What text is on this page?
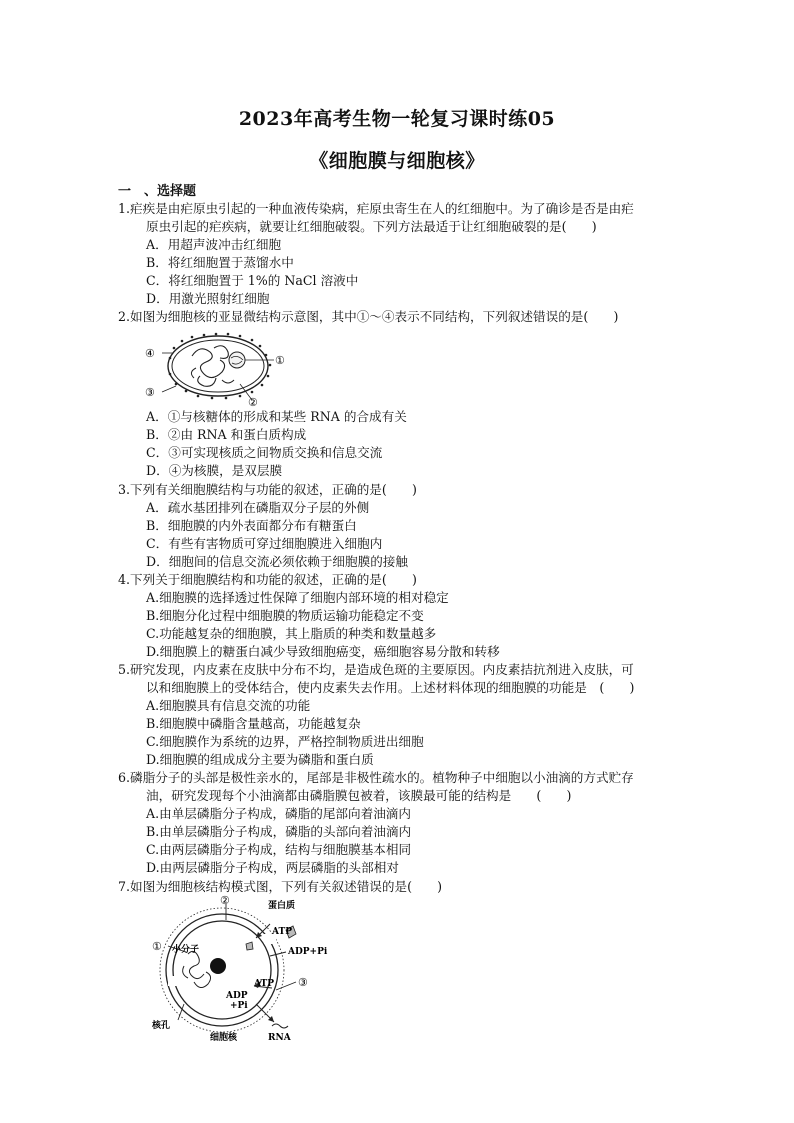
2023年高考生物一轮复习课时练05
《细胞膜与细胞核》
一　、选择题
1.疟疾是由疟原虫引起的一种血液传染病，疟原虫寄生在人的红细胞中。为了确诊是否是由疟
原虫引起的疟疾病，就要让红细胞破裂。下列方法最适于让红细胞破裂的是(　　)
A．用超声波冲击红细胞
B．将红细胞置于蒸馏水中
C．将红细胞置于 1%的 NaCl 溶液中
D．用激光照射红细胞
2.如图为细胞核的亚显微结构示意图，其中①～④表示不同结构，下列叙述错误的是(　　)
④
①
③
②
A．①与核糖体的形成和某些 RNA 的合成有关
B．②由 RNA 和蛋白质构成
C．③可实现核质之间物质交换和信息交流
D．④为核膜，是双层膜
3.下列有关细胞膜结构与功能的叙述，正确的是(　　)
A．疏水基团排列在磷脂双分子层的外侧
B．细胞膜的内外表面都分布有糖蛋白
C．有些有害物质可穿过细胞膜进入细胞内
D．细胞间的信息交流必须依赖于细胞膜的接触
4.下列关于细胞膜结构和功能的叙述，正确的是(　　)
A.细胞膜的选择透过性保障了细胞内部环境的相对稳定
B.细胞分化过程中细胞膜的物质运输功能稳定不变
C.功能越复杂的细胞膜，其上脂质的种类和数量越多
D.细胞膜上的糖蛋白减少导致细胞癌变，癌细胞容易分散和转移
5.研究发现，内皮素在皮肤中分布不均，是造成色斑的主要原因。内皮素拮抗剂进入皮肤，可
以和细胞膜上的受体结合，使内皮素失去作用。上述材料体现的细胞膜的功能是　(　　)
A.细胞膜具有信息交流的功能
B.细胞膜中磷脂含量越高，功能越复杂
C.细胞膜作为系统的边界，严格控制物质进出细胞
D.细胞膜的组成成分主要为磷脂和蛋白质
6.磷脂分子的头部是极性亲水的，尾部是非极性疏水的。植物种子中细胞以小油滴的方式贮存
油，研究发现每个小油滴都由磷脂膜包被着，该膜最可能的结构是　　(　　)
A.由单层磷脂分子构成，磷脂的尾部向着油滴内
B.由单层磷脂分子构成，磷脂的头部向着油滴内
C.由两层磷脂分子构成，结构与细胞膜基本相同
D.由两层磷脂分子构成，两层磷脂的头部相对
7.如图为细胞核结构模式图，下列有关叙述错误的是(　　)
②	蛋白质
ATP
ADP+Pi
① 小分子
ATP ③
ADP
+Pi
核孔
细胞核	RNA
